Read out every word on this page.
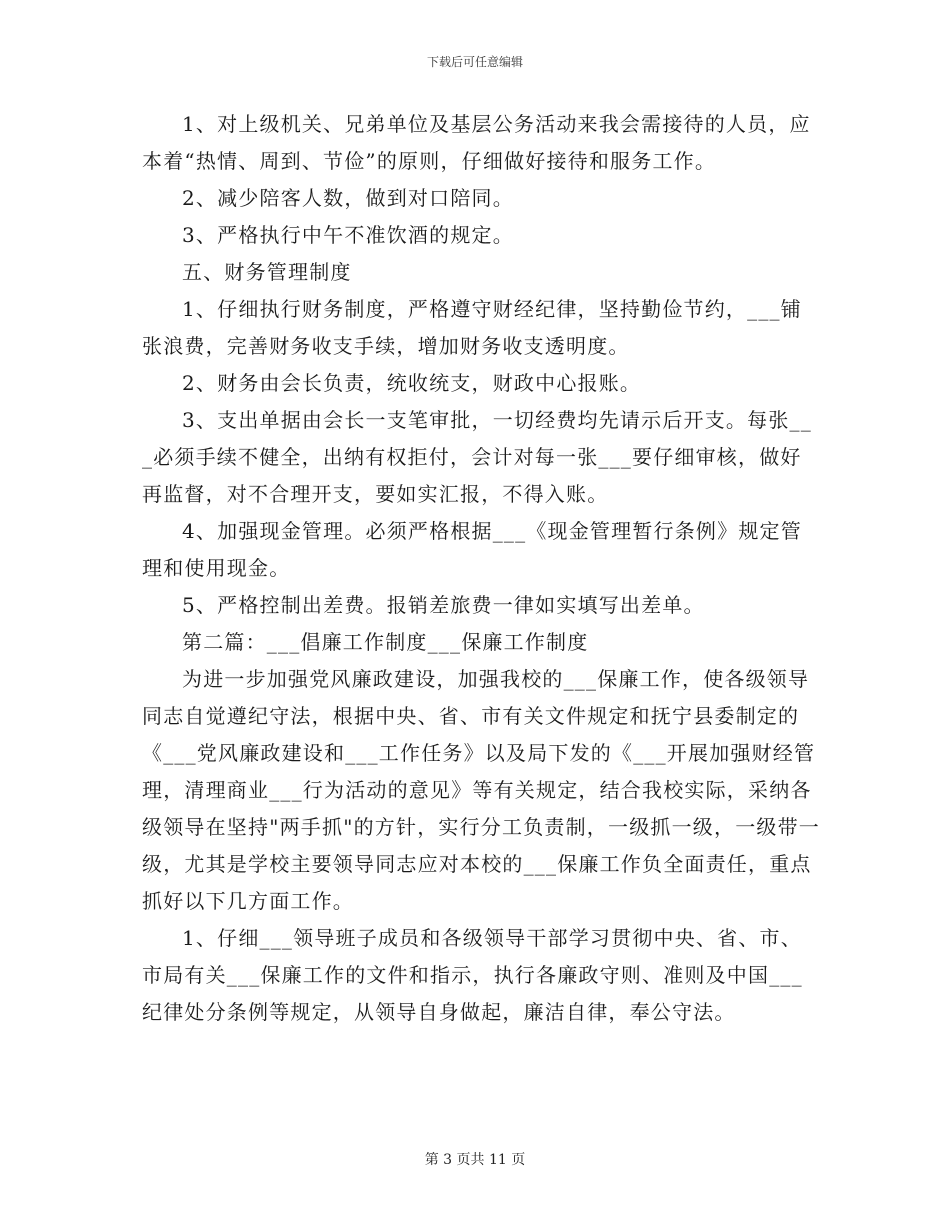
下载后可任意编辑

1、对上级机关、兄弟单位及基层公务活动来我会需接待的人员，应本着“热情、周到、节俭”的原则，仔细做好接待和服务工作。

2、减少陪客人数，做到对口陪同。

3、严格执行中午不准饮酒的规定。

五、财务管理制度

1、仔细执行财务制度，严格遵守财经纪律，坚持勤俭节约，___铺张浪费，完善财务收支手续，增加财务收支透明度。

2、财务由会长负责，统收统支，财政中心报账。

3、支出单据由会长一支笔审批，一切经费均先请示后开支。每张___必须手续不健全，出纳有权拒付，会计对每一张___要仔细审核，做好再监督，对不合理开支，要如实汇报，不得入账。

4、加强现金管理。必须严格根据___《现金管理暂行条例》规定管理和使用现金。

5、严格控制出差费。报销差旅费一律如实填写出差单。

第二篇：___倡廉工作制度___保廉工作制度

为进一步加强党风廉政建设，加强我校的___保廉工作，使各级领导同志自觉遵纪守法，根据中央、省、市有关文件规定和抚宁县委制定的《___党风廉政建设和___工作任务》以及局下发的《___开展加强财经管理，清理商业___行为活动的意见》等有关规定，结合我校实际，采纳各级领导在坚持"两手抓"的方针，实行分工负责制，一级抓一级，一级带一级，尤其是学校主要领导同志应对本校的___保廉工作负全面责任，重点抓好以下几方面工作。

1、仔细___领导班子成员和各级领导干部学习贯彻中央、省、市、市局有关___保廉工作的文件和指示，执行各廉政守则、准则及中国___纪律处分条例等规定，从领导自身做起，廉洁自律，奉公守法。

第 3 页共 11 页
